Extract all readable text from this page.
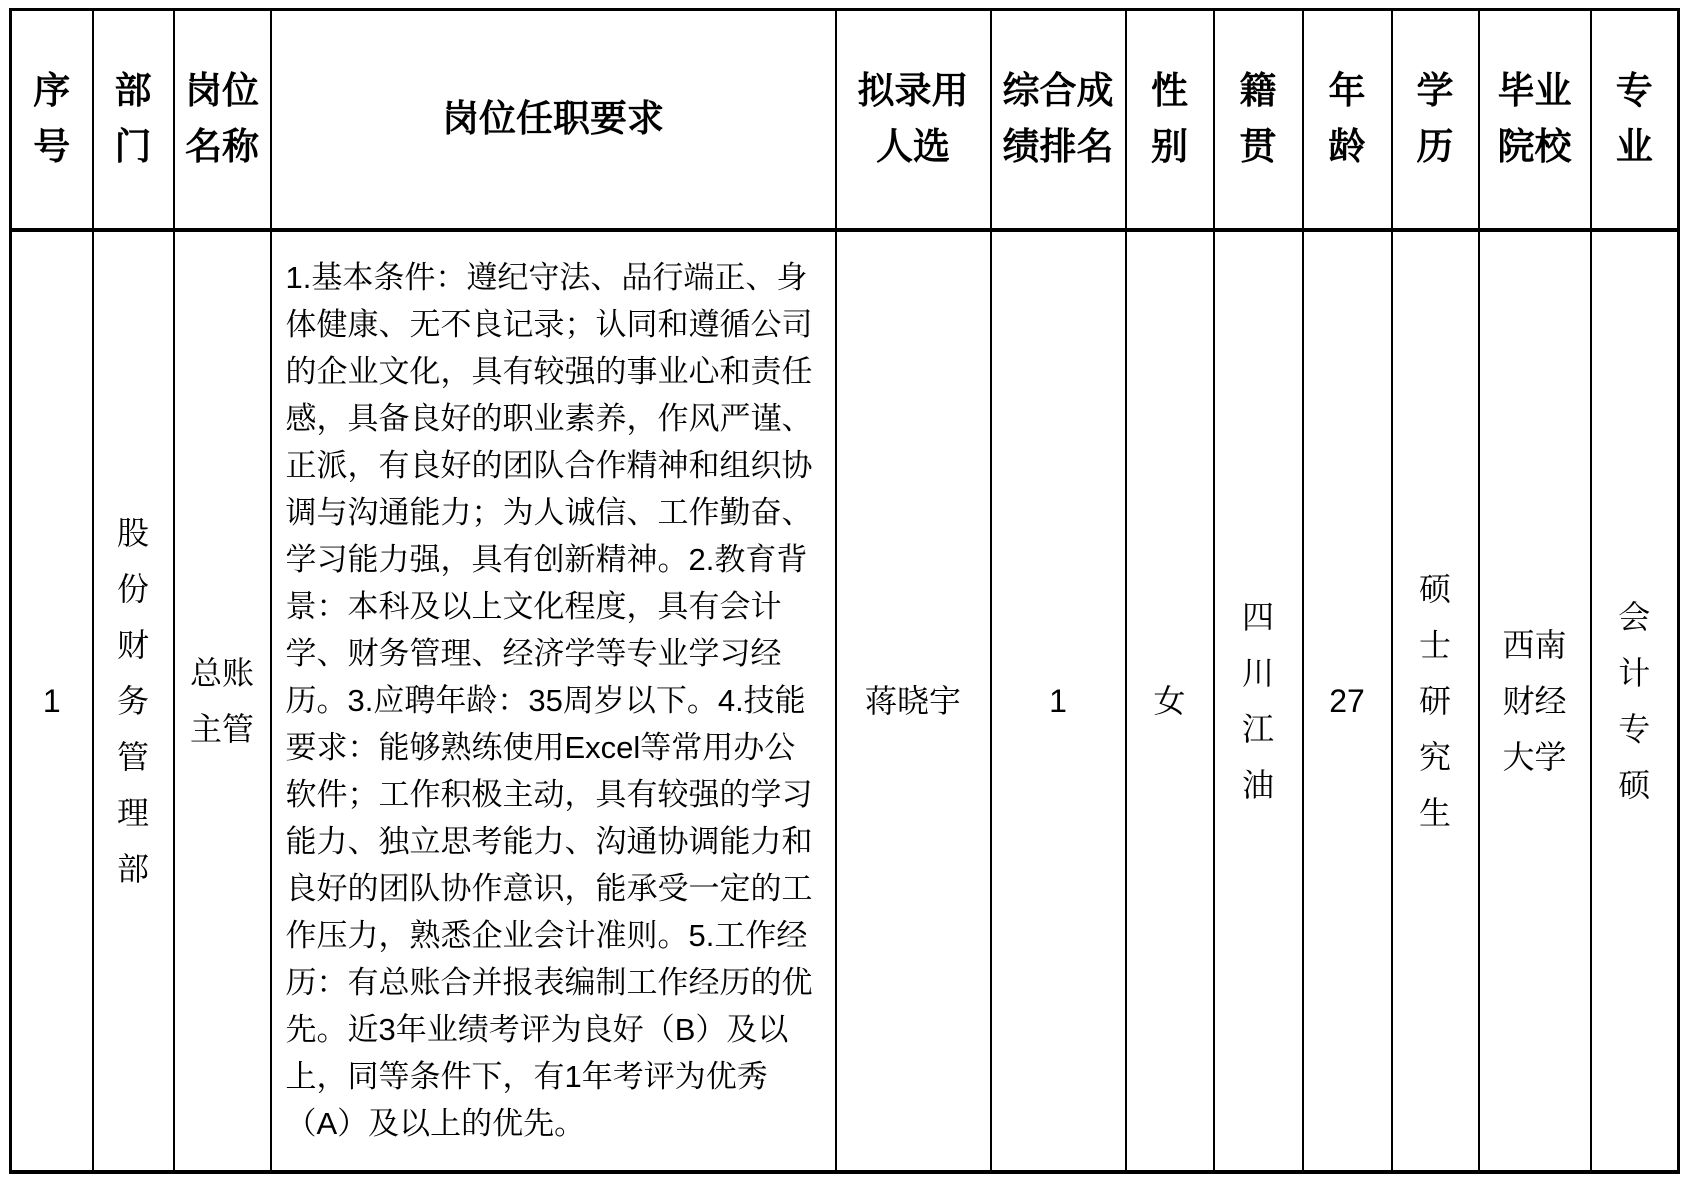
序号	部门	岗位名称	岗位任职要求	拟录用人选	综合成绩排名	性别	籍贯	年龄	学历	毕业院校	专业

1	股份财务管理部	总账主管	1.基本条件：遵纪守法、品行端正、身体健康、无不良记录；认同和遵循公司的企业文化，具有较强的事业心和责任感，具备良好的职业素养，作风严谨、正派，有良好的团队合作精神和组织协调与沟通能力；为人诚信、工作勤奋、学习能力强，具有创新精神。2.教育背景：本科及以上文化程度，具有会计学、财务管理、经济学等专业学习经历。3.应聘年龄：35周岁以下。4.技能要求：能够熟练使用Excel等常用办公软件；工作积极主动，具有较强的学习能力、独立思考能力、沟通协调能力和良好的团队协作意识，能承受一定的工作压力，熟悉企业会计准则。5.工作经历：有总账合并报表编制工作经历的优先。近3年业绩考评为良好（B）及以上，同等条件下，有1年考评为优秀（A）及以上的优先。	蒋晓宇	1	女	四川江油	27	硕士研究生	西南财经大学	会计专硕
